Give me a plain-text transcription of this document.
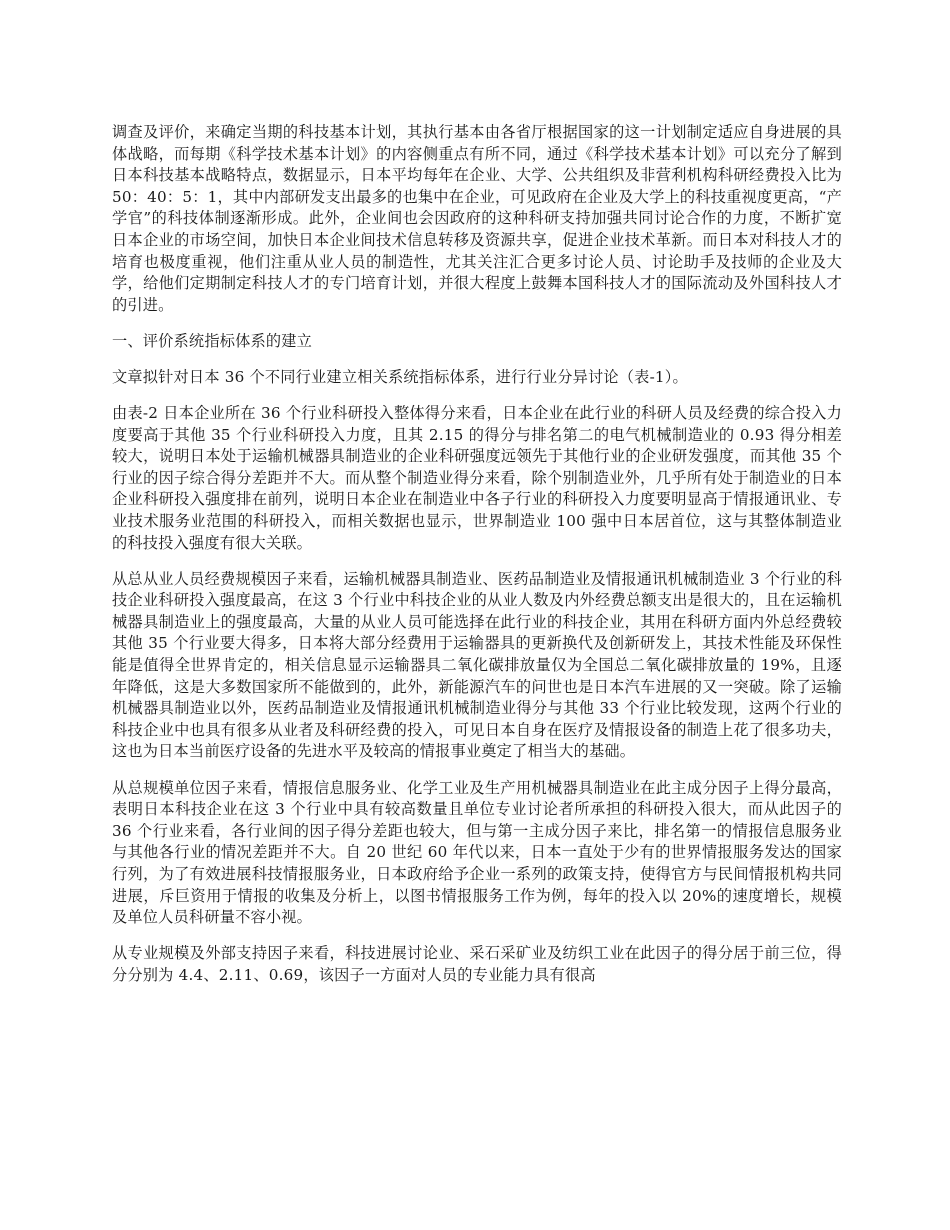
调查及评价，来确定当期的科技基本计划，其执行基本由各省厅根据国家的这一计划制定适应自身进展的具体战略，而每期《科学技术基本计划》的内容侧重点有所不同，通过《科学技术基本计划》可以充分了解到日本科技基本战略特点，数据显示，日本平均每年在企业、大学、公共组织及非营利机构科研经费投入比为50：40：5：1，其中内部研发支出最多的也集中在企业，可见政府在企业及大学上的科技重视度更高，“产学官”的科技体制逐渐形成。此外，企业间也会因政府的这种科研支持加强共同讨论合作的力度，不断扩宽日本企业的市场空间，加快日本企业间技术信息转移及资源共享，促进企业技术革新。而日本对科技人才的培育也极度重视，他们注重从业人员的制造性，尤其关注汇合更多讨论人员、讨论助手及技师的企业及大学，给他们定期制定科技人才的专门培育计划，并很大程度上鼓舞本国科技人才的国际流动及外国科技人才的引进。

一、评价系统指标体系的建立

文章拟针对日本 36 个不同行业建立相关系统指标体系，进行行业分异讨论（表-1）。

由表-2 日本企业所在 36 个行业科研投入整体得分来看，日本企业在此行业的科研人员及经费的综合投入力度要高于其他 35 个行业科研投入力度，且其 2.15 的得分与排名第二的电气机械制造业的 0.93 得分相差较大，说明日本处于运输机械器具制造业的企业科研强度远领先于其他行业的企业研发强度，而其他 35 个行业的因子综合得分差距并不大。而从整个制造业得分来看，除个别制造业外，几乎所有处于制造业的日本企业科研投入强度排在前列，说明日本企业在制造业中各子行业的科研投入力度要明显高于情报通讯业、专业技术服务业范围的科研投入，而相关数据也显示，世界制造业 100 强中日本居首位，这与其整体制造业的科技投入强度有很大关联。

从总从业人员经费规模因子来看，运输机械器具制造业、医药品制造业及情报通讯机械制造业 3 个行业的科技企业科研投入强度最高，在这 3 个行业中科技企业的从业人数及内外经费总额支出是很大的，且在运输机械器具制造业上的强度最高，大量的从业人员可能选择在此行业的科技企业，其用在科研方面内外总经费较其他 35 个行业要大得多，日本将大部分经费用于运输器具的更新换代及创新研发上，其技术性能及环保性能是值得全世界肯定的，相关信息显示运输器具二氧化碳排放量仅为全国总二氧化碳排放量的 19%，且逐年降低，这是大多数国家所不能做到的，此外，新能源汽车的问世也是日本汽车进展的又一突破。除了运输机械器具制造业以外，医药品制造业及情报通讯机械制造业得分与其他 33 个行业比较发现，这两个行业的科技企业中也具有很多从业者及科研经费的投入，可见日本自身在医疗及情报设备的制造上花了很多功夫，这也为日本当前医疗设备的先进水平及较高的情报事业奠定了相当大的基础。

从总规模单位因子来看，情报信息服务业、化学工业及生产用机械器具制造业在此主成分因子上得分最高，表明日本科技企业在这 3 个行业中具有较高数量且单位专业讨论者所承担的科研投入很大，而从此因子的 36 个行业来看，各行业间的因子得分差距也较大，但与第一主成分因子来比，排名第一的情报信息服务业与其他各行业的情况差距并不大。自 20 世纪 60 年代以来，日本一直处于少有的世界情报服务发达的国家行列，为了有效进展科技情报服务业，日本政府给予企业一系列的政策支持，使得官方与民间情报机构共同进展，斥巨资用于情报的收集及分析上，以图书情报服务工作为例，每年的投入以 20%的速度增长，规模及单位人员科研量不容小视。

从专业规模及外部支持因子来看，科技进展讨论业、采石采矿业及纺织工业在此因子的得分居于前三位，得分分别为 4.4、2.11、0.69，该因子一方面对人员的专业能力具有很高
